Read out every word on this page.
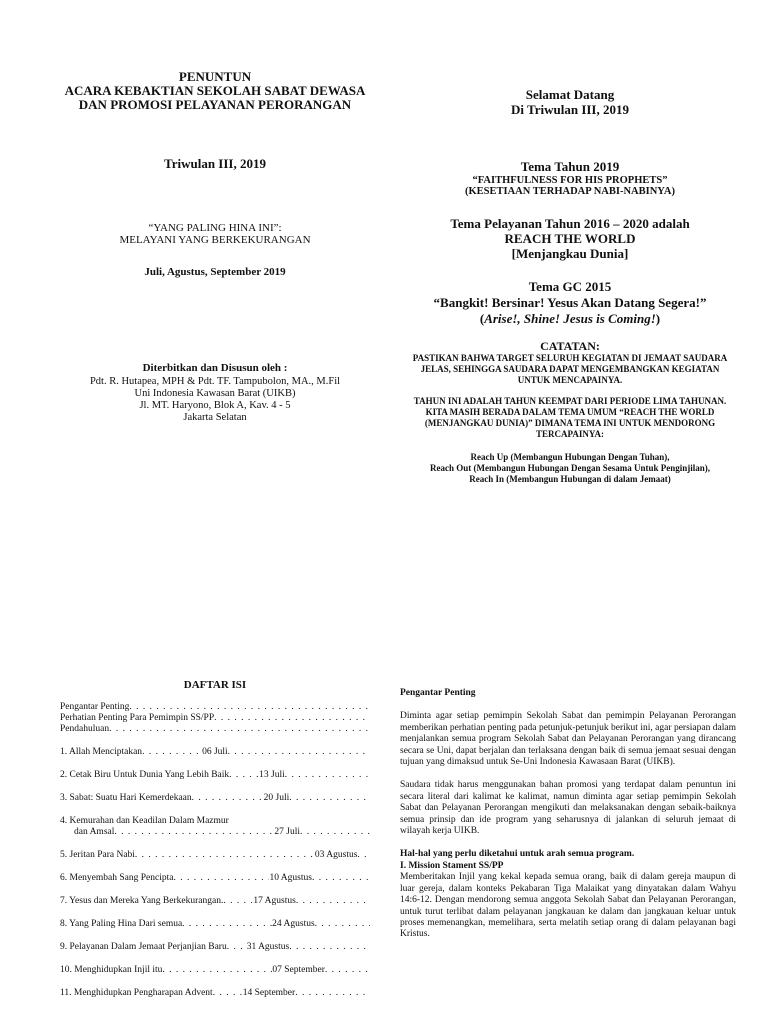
PENUNTUN
ACARA KEBAKTIAN SEKOLAH SABAT DEWASA
DAN PROMOSI PELAYANAN PERORANGAN
Triwulan III, 2019
“YANG PALING HINA INI”:
MELAYANI YANG BERKEKURANGAN
Juli, Agustus, September 2019
Diterbitkan dan Disusun oleh :
Pdt. R. Hutapea, MPH & Pdt. TF. Tampubolon, MA., M.Fil
Uni Indonesia Kawasan Barat (UIKB)
Jl. MT. Haryono, Blok A, Kav. 4 - 5
Jakarta Selatan
Selamat Datang
Di Triwulan III, 2019
Tema Tahun 2019
“FAITHFULNESS FOR HIS PROPHETS”
(KESETIAAN TERHADAP NABI-NABINYA)
Tema Pelayanan Tahun 2016 – 2020 adalah
REACH THE WORLD
[Menjangkau Dunia]
Tema GC 2015
“Bangkit! Bersinar! Yesus Akan Datang Segera!”
(Arise!, Shine! Jesus is Coming!)
CATATAN:
PASTIKAN BAHWA TARGET SELURUH KEGIATAN DI JEMAAT SAUDARA JELAS, SEHINGGA SAUDARA DAPAT MENGEMBANGKAN KEGIATAN UNTUK MENCAPAINYA.
TAHUN INI ADALAH TAHUN KEEMPAT DARI PERIODE LIMA TAHUNAN. KITA MASIH BERADA DALAM TEMA UMUM “REACH THE WORLD (MENJANGKAU DUNIA)” DIMANA TEMA INI UNTUK MENDORONG TERCAPAINYA:
Reach Up (Membangun Hubungan Dengan Tuhan),
Reach Out (Membangun Hubungan Dengan Sesama Untuk Penginjilan),
Reach In (Membangun Hubungan di dalam Jemaat)
DAFTAR ISI
Pengantar Penting
. . .
Perhatian Penting Para Pemimpin SS/PP
. . .
Pendahuluan
. . .
1. Allah Menciptakan . . .	06 Juli
. . .
2. Cetak Biru Untuk Dunia Yang Lebih Baik . . .	13 Juli
. . .
3. Sabat: Suatu Hari Kemerdekaan . . .	20 Juli
. . .
4. Kemurahan dan Keadilan Dalam Mazmur
dan Amsal . . .	27 Juli
. . .
5. Jeritan Para Nabi . . .	03 Agustus
. . .
6. Menyembah Sang Pencipta . . .	10 Agustus
. . .
7. Yesus dan Mereka Yang Berkekurangan. . . .	17 Agustus
. . .
8. Yang Paling Hina Dari semua . . .	24 Agustus
. . .
9. Pelayanan Dalam Jemaat Perjanjian Baru . . . 31 Agustus
. . .
10. Menghidupkan Injil itu . . .	07 September
. . .
11. Menghidupkan Pengharapan Advent . . .	14 September
. . .
Pengantar Penting

Diminta agar setiap pemimpin Sekolah Sabat dan pemimpin Pelayanan Perorangan memberikan perhatian penting pada petunjuk-petunjuk berikut ini, agar persiapan dalam menjalankan semua program Sekolah Sabat dan Pelayanan Perorangan yang dirancang secara se Uni, dapat berjalan dan terlaksana dengan baik di semua jemaat sesuai dengan tujuan yang dimaksud untuk Se-Uni Indonesia Kawasaan Barat (UIKB).

Saudara tidak harus menggunakan bahan promosi yang terdapat dalam penuntun ini secara literal dari kalimat ke kalimat, namun diminta agar setiap pemimpin Sekolah Sabat dan Pelayanan Perorangan mengikuti dan melaksanakan dengan sebaik-baiknya semua prinsip dan ide program yang seharusnya di jalankan di seluruh jemaat di wilayah kerja UIKB.

Hal-hal yang perlu diketahui untuk arah semua program.
I. Mission Stament SS/PP

Memberitakan Injil yang kekal kepada semua orang, baik di dalam gereja maupun di luar gereja, dalam konteks Pekabaran Tiga Malaikat yang dinyatakan dalam Wahyu 14:6-12. Dengan mendorong semua anggota Sekolah Sabat dan Pelayanan Perorangan, untuk turut terlibat dalam pelayanan jangkauan ke dalam dan jangkauan keluar untuk proses memenangkan, memelihara, serta melatih setiap orang di dalam pelayanan bagi Kristus.
